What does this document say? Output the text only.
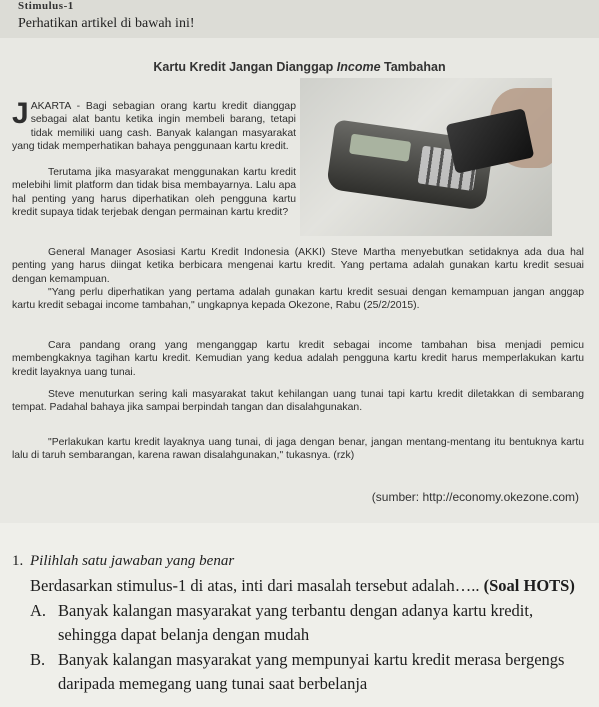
Stimulus-1
Perhatikan artikel di bawah ini!
Kartu Kredit Jangan Dianggap Income Tambahan
JAKARTA - Bagi sebagian orang kartu kredit dianggap sebagai alat bantu ketika ingin membeli barang, tetapi tidak memiliki uang cash. Banyak kalangan masyarakat yang tidak memperhatikan bahaya penggunaan kartu kredit.
Terutama jika masyarakat menggunakan kartu kredit melebihi limit platform dan tidak bisa membayarnya. Lalu apa hal penting yang harus diperhatikan oleh pengguna kartu kredit supaya tidak terjebak dengan permainan kartu kredit?
General Manager Asosiasi Kartu Kredit Indonesia (AKKI) Steve Martha menyebutkan setidaknya ada dua hal penting yang harus diingat ketika berbicara mengenai kartu kredit. Yang pertama adalah gunakan kartu kredit sesuai dengan kemampuan.
"Yang perlu diperhatikan yang pertama adalah gunakan kartu kredit sesuai dengan kemampuan jangan anggap kartu kredit sebagai income tambahan," ungkapnya kepada Okezone, Rabu (25/2/2015).
Cara pandang orang yang menganggap kartu kredit sebagai income tambahan bisa menjadi pemicu membengkaknya tagihan kartu kredit. Kemudian yang kedua adalah pengguna kartu kredit harus memperlakukan kartu kredit layaknya uang tunai.
Steve menuturkan sering kali masyarakat takut kehilangan uang tunai tapi kartu kredit diletakkan di sembarang tempat. Padahal bahaya jika sampai berpindah tangan dan disalahgunakan.
"Perlakukan kartu kredit layaknya uang tunai, di jaga dengan benar, jangan mentang-mentang itu bentuknya kartu lalu di taruh sembarangan, karena rawan disalahgunakan," tukasnya. (rzk)
(sumber: http://economy.okezone.com)
1. Pilihlah satu jawaban yang benar
Berdasarkan stimulus-1 di atas, inti dari masalah tersebut adalah….. (Soal HOTS)
A. Banyak kalangan masyarakat yang terbantu dengan adanya kartu kredit,
sehingga dapat belanja dengan mudah
B. Banyak kalangan masyarakat yang mempunyai kartu kredit merasa bergengs
daripada memegang uang tunai saat berbelanja
